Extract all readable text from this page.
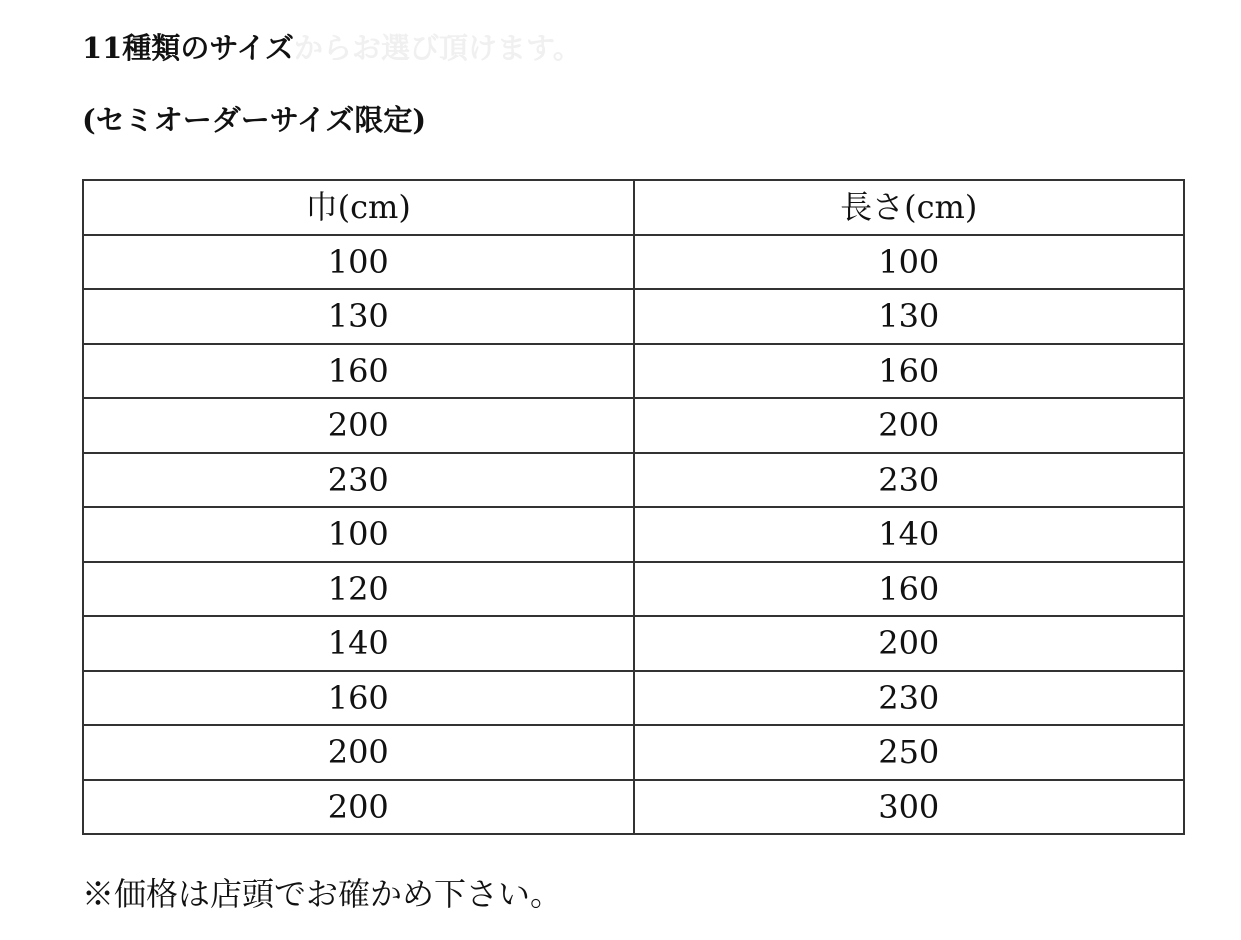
11種類のサイズからお選び頂けます。
(セミオーダーサイズ限定)
巾(cm)	長さ(cm)
100	100
130	130
160	160
200	200
230	230
100	140
120	160
140	200
160	230
200	250
200	300
※価格は店頭でお確かめ下さい。
